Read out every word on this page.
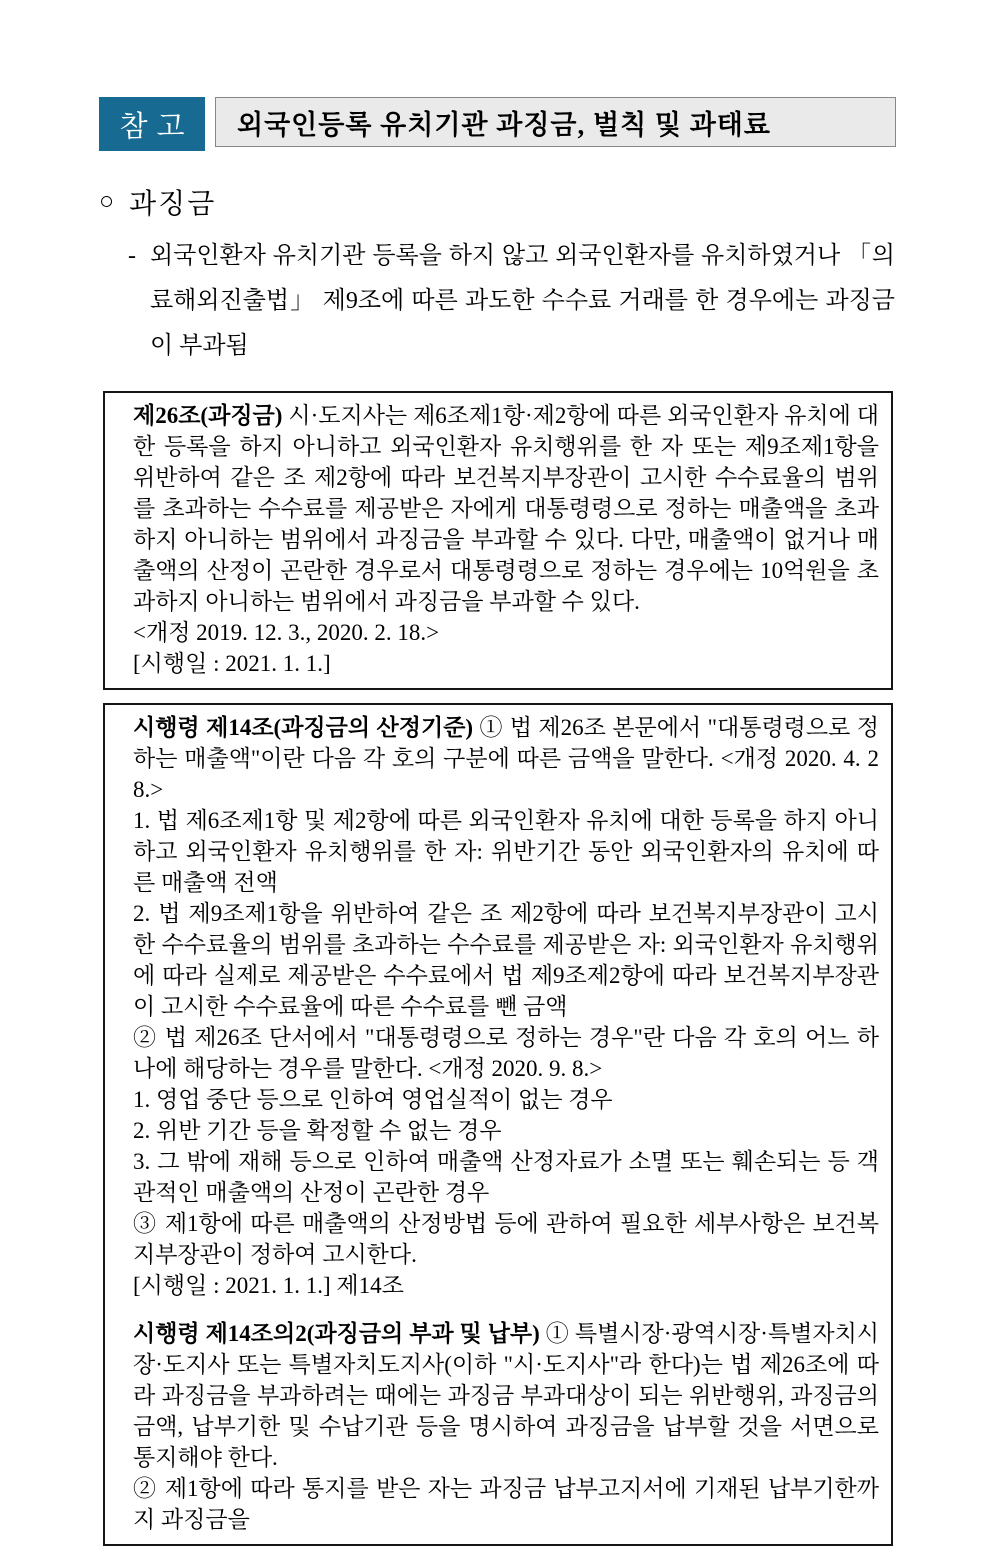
참고	외국인등록 유치기관 과징금, 벌칙 및 과태료
○ 과징금
- 외국인환자 유치기관 등록을 하지 않고 외국인환자를 유치하였거나 「의료해외진출법」 제9조에 따른 과도한 수수료 거래를 한 경우에는 과징금이 부과됨

제26조(과징금) 시·도지사는 제6조제1항·제2항에 따른 외국인환자 유치에 대한 등록을 하지 아니하고 외국인환자 유치행위를 한 자 또는 제9조제1항을 위반하여 같은 조 제2항에 따라 보건복지부장관이 고시한 수수료율의 범위를 초과하는 수수료를 제공받은 자에게 대통령령으로 정하는 매출액을 초과하지 아니하는 범위에서 과징금을 부과할 수 있다. 다만, 매출액이 없거나 매출액의 산정이 곤란한 경우로서 대통령령으로 정하는 경우에는 10억원을 초과하지 아니하는 범위에서 과징금을 부과할 수 있다.

<개정 2019. 12. 3., 2020. 2. 18.>

[시행일 : 2021. 1. 1.]

시행령 제14조(과징금의 산정기준) ① 법 제26조 본문에서 "대통령령으로 정하는 매출액"이란 다음 각 호의 구분에 따른 금액을 말한다. <개정 2020. 4. 28.>

1. 법 제6조제1항 및 제2항에 따른 외국인환자 유치에 대한 등록을 하지 아니하고 외국인환자 유치행위를 한 자: 위반기간 동안 외국인환자의 유치에 따른 매출액 전액

2. 법 제9조제1항을 위반하여 같은 조 제2항에 따라 보건복지부장관이 고시한 수수료율의 범위를 초과하는 수수료를 제공받은 자: 외국인환자 유치행위에 따라 실제로 제공받은 수수료에서 법 제9조제2항에 따라 보건복지부장관이 고시한 수수료율에 따른 수수료를 뺀 금액

② 법 제26조 단서에서 "대통령령으로 정하는 경우"란 다음 각 호의 어느 하나에 해당하는 경우를 말한다. <개정 2020. 9. 8.>

1. 영업 중단 등으로 인하여 영업실적이 없는 경우

2. 위반 기간 등을 확정할 수 없는 경우

3. 그 밖에 재해 등으로 인하여 매출액 산정자료가 소멸 또는 훼손되는 등 객관적인 매출액의 산정이 곤란한 경우

③ 제1항에 따른 매출액의 산정방법 등에 관하여 필요한 세부사항은 보건복지부장관이 정하여 고시한다.

[시행일 : 2021. 1. 1.] 제14조

시행령 제14조의2(과징금의 부과 및 납부) ① 특별시장·광역시장·특별자치시장·도지사 또는 특별자치도지사(이하 "시·도지사"라 한다)는 법 제26조에 따라 과징금을 부과하려는 때에는 과징금 부과대상이 되는 위반행위, 과징금의 금액, 납부기한 및 수납기관 등을 명시하여 과징금을 납부할 것을 서면으로 통지해야 한다.

② 제1항에 따라 통지를 받은 자는 과징금 납부고지서에 기재된 납부기한까지 과징금을
